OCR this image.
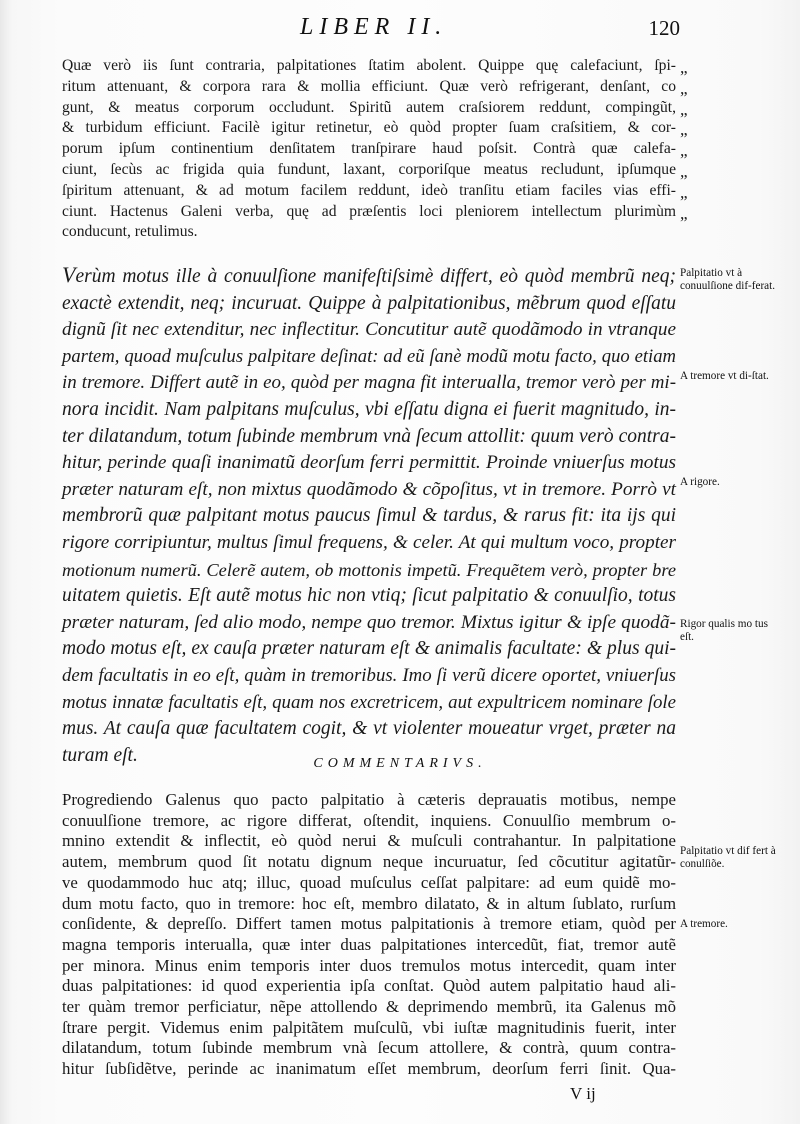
LIBER II.	120
Quæ verò iis ſunt contraria, palpitationes ſtatim abolent. Quippe quę calefaciunt, ſpi-
ritum attenuant, & corpora rara & mollia efficiunt. Quæ verò refrigerant, denſant, co
gunt, & meatus corporum occludunt. Spiritũ autem craſsiorem reddunt, compingũt,
& turbidum efficiunt. Facilè igitur retinetur, eò quòd propter ſuam craſsitiem, & cor-
porum ipſum continentium denſitatem tranſpirare haud poſsit. Contrà quæ calefa-
ciunt, ſecùs ac frigida quia fundunt, laxant, corporiſque meatus recludunt, ipſumque
ſpiritum attenuant, & ad motum facilem reddunt, ideò tranſitu etiam faciles vias effi-
ciunt. Hactenus Galeni verba, quę ad præſentis loci pleniorem intellectum plurimùm
conducunt, retulimus.
„
„
„
„
„
„
„
„
Verùm motus ille à conuulſione manifeſtiſsimè differt, eò quòd membrũ neq;
exactè extendit, neq; incuruat. Quippe à palpitationibus, mẽbrum quod eſſatu
dignũ ſit nec extenditur, nec inflectitur. Concutitur autẽ quodãmodo in vtranque
partem, quoad muſculus palpitare deſinat: ad eũ ſanè modũ motu facto, quo etiam
in tremore. Differt autẽ in eo, quòd per magna fit interualla, tremor verò per mi-
nora incidit. Nam palpitans muſculus, vbi eſſatu digna ei fuerit magnitudo, in-
ter dilatandum, totum ſubinde membrum vnà ſecum attollit: quum verò contra-
hitur, perinde quaſi inanimatũ deorſum ferri permittit. Proinde vniuerſus motus
præter naturam eſt, non mixtus quodãmodo & cõpoſitus, vt in tremore. Porrò vt
membrorũ quæ palpitant motus paucus ſimul & tardus, & rarus fit: ita ijs qui
rigore corripiuntur, multus ſimul frequens, & celer. At qui multum voco, propter
motionum numerũ. Celerẽ autem, ob mottonis impetũ. Frequẽtem verò, propter bre
uitatem quietis. Eſt autẽ motus hic non vtiq; ſicut palpitatio & conuulſio, totus
præter naturam, ſed alio modo, nempe quo tremor. Mixtus igitur & ipſe quodã-
modo motus eſt, ex cauſa præter naturam eſt & animalis facultate: & plus qui-
dem facultatis in eo eſt, quàm in tremoribus. Imo ſi verũ dicere oportet, vniuerſus
motus innatæ facultatis eſt, quam nos excretricem, aut expultricem nominare ſole
mus. At cauſa quæ facultatem cogit, & vt violenter moueatur vrget, præter na
turam eſt.	COMMENTARIVS.
Progrediendo Galenus quo pacto palpitatio à cæteris deprauatis motibus, nempe
conuulſione tremore, ac rigore differat, oſtendit, inquiens. Conuulſio membrum o-
mnino extendit & inflectit, eò quòd nerui & muſculi contrahantur. In palpitatione
autem, membrum quod ſit notatu dignum neque incuruatur, ſed cõcutitur agitatũr-
ve quodammodo huc atq; illuc, quoad muſculus ceſſat palpitare: ad eum quidẽ mo-
dum motu facto, quo in tremore: hoc eſt, membro dilatato, & in altum ſublato, rurſum
conſidente, & depreſſo. Differt tamen motus palpitationis à tremore etiam, quòd per
magna temporis interualla, quæ inter duas palpitationes intercedũt, fiat, tremor autẽ
per minora. Minus enim temporis inter duos tremulos motus intercedit, quam inter
duas palpitationes: id quod experientia ipſa conſtat. Quòd autem palpitatio haud ali-
ter quàm tremor perficiatur, nẽpe attollendo & deprimendo membrũ, ita Galenus mõ
ſtrare pergit. Videmus enim palpitãtem muſculũ, vbi iuſtæ magnitudinis fuerit, inter
dilatandum, totum ſubinde membrum vnà ſecum attollere, & contrà, quum contra-
hitur ſubſidẽtve, perinde ac inanimatum eſſet membrum, deorſum ferri ſinit. Qua-
Palpitatio vt à conuulſione dif-ferat.
A tremore vt di-ſtat.
A rigore.
Rigor qualis mo tus eſt.
Palpitatio vt dif fert à conulſiõe.
A tremore.
V ij
